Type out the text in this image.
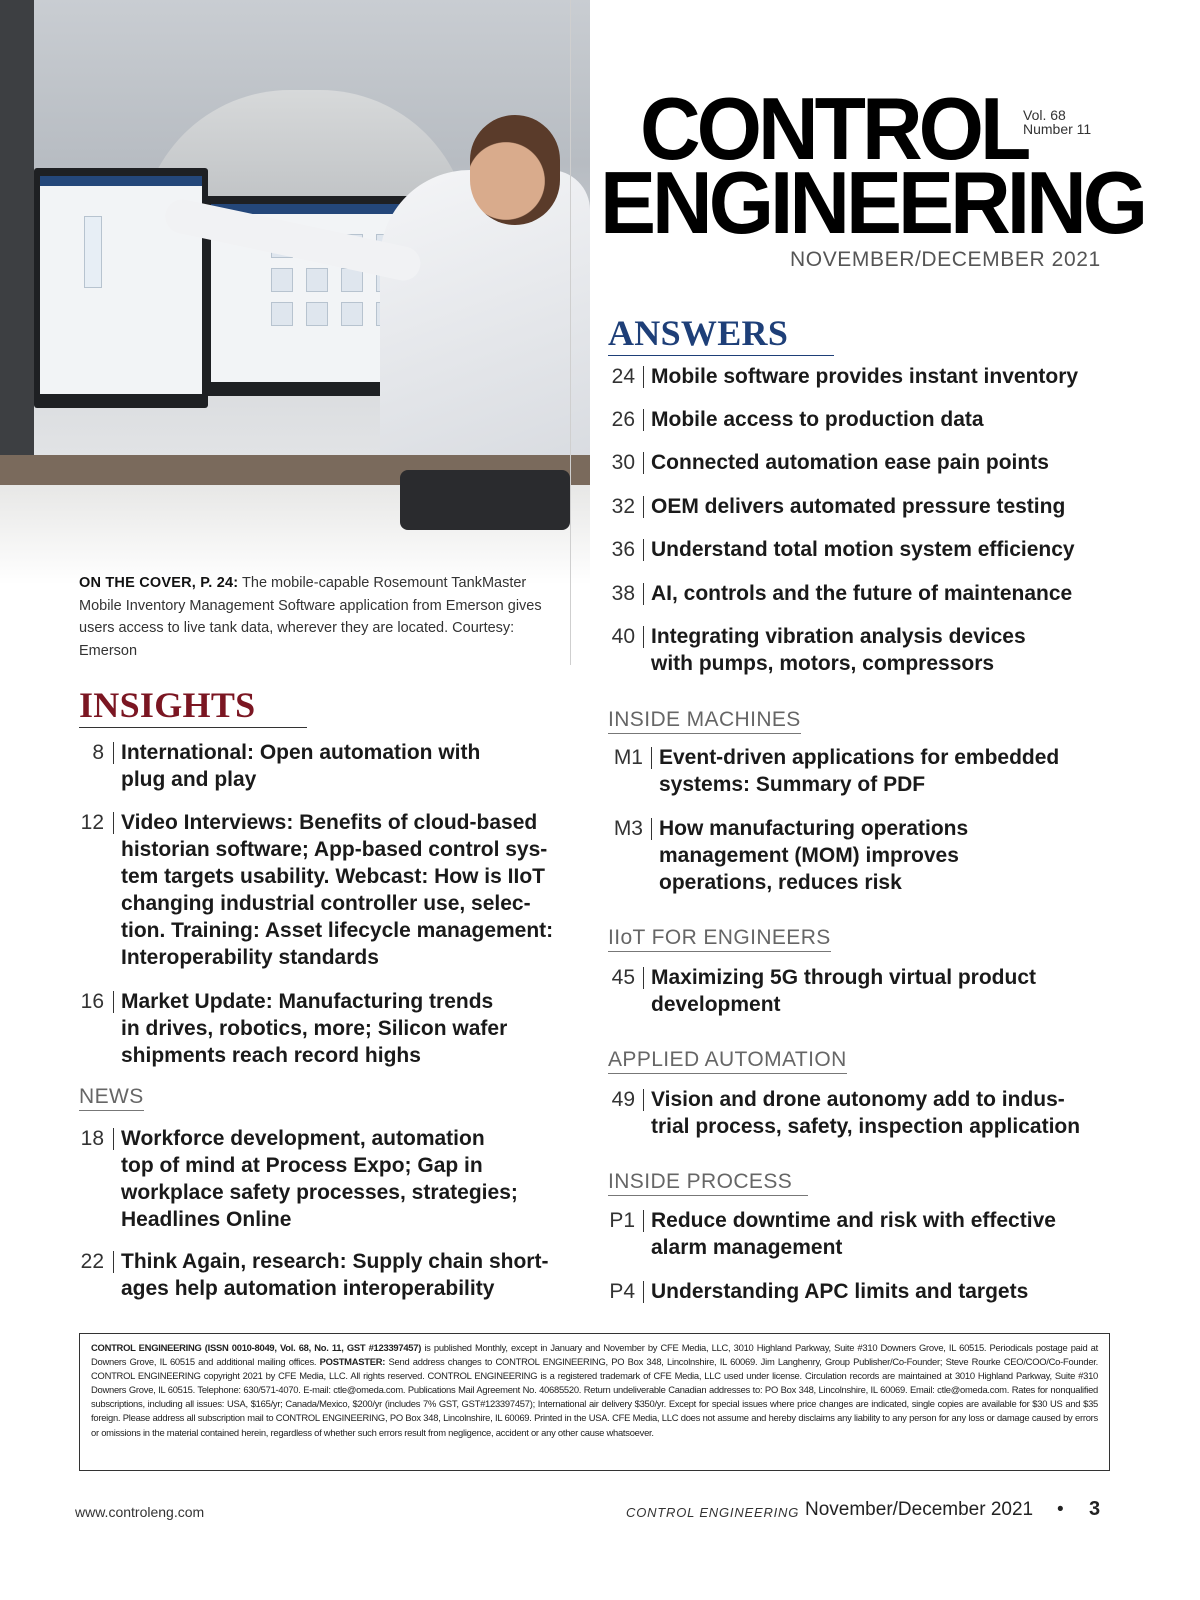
ON THE COVER, P. 24: The mobile-capable Rosemount TankMaster Mobile Inventory Management Software application from Emerson gives users access to live tank data, wherever they are located. Courtesy: Emerson
CONTROL
ENGINEERING
Vol. 68
Number 11
NOVEMBER/DECEMBER 2021
ANSWERS
24 Mobile software provides instant inventory
26 Mobile access to production data
30 Connected automation ease pain points
32 OEM delivers automated pressure testing
36 Understand total motion system efficiency
38 AI, controls and the future of maintenance
40 Integrating vibration analysis devices
with pumps, motors, compressors
INSIDE MACHINES
M1 Event-driven applications for embedded
systems: Summary of PDF
M3 How manufacturing operations
management (MOM) improves
operations, reduces risk
IIoT FOR ENGINEERS
45 Maximizing 5G through virtual product
development
APPLIED AUTOMATION
49 Vision and drone autonomy add to indus-
trial process, safety, inspection application
INSIDE PROCESS
P1 Reduce downtime and risk with effective
alarm management
P4 Understanding APC limits and targets
INSIGHTS
8 International: Open automation with
plug and play
12 Video Interviews: Benefits of cloud-based
historian software; App-based control sys-
tem targets usability. Webcast: How is IIoT
changing industrial controller use, selec-
tion. Training: Asset lifecycle management:
Interoperability standards
16 Market Update: Manufacturing trends
in drives, robotics, more; Silicon wafer
shipments reach record highs
NEWS
18 Workforce development, automation
top of mind at Process Expo; Gap in
workplace safety processes, strategies;
Headlines Online
22 Think Again, research: Supply chain short-
ages help automation interoperability
CONTROL ENGINEERING (ISSN 0010-8049, Vol. 68, No. 11, GST #123397457) is published Monthly, except in January and November by CFE Media, LLC, 3010 Highland Parkway, Suite #310 Downers Grove, IL 60515. Periodicals postage paid at Downers Grove, IL 60515 and additional mailing offices. POSTMASTER: Send address changes to CONTROL ENGINEERING, PO Box 348, Lincolnshire, IL 60069. Jim Langhenry, Group Publisher/Co-Founder; Steve Rourke CEO/COO/Co-Founder. CONTROL ENGINEERING copyright 2021 by CFE Media, LLC. All rights reserved. CONTROL ENGINEERING is a registered trademark of CFE Media, LLC used under license. Circulation records are maintained at 3010 Highland Parkway, Suite #310 Downers Grove, IL 60515. Telephone: 630/571-4070. E-mail: ctle@omeda.com. Publications Mail Agreement No. 40685520. Return undeliverable Canadian addresses to: PO Box 348, Lincolnshire, IL 60069. Email: ctle@omeda.com. Rates for nonqualified subscriptions, including all issues: USA, $165/yr; Canada/Mexico, $200/yr (includes 7% GST, GST#123397457); International air delivery $350/yr. Except for special issues where price changes are indicated, single copies are available for $30 US and $35 foreign. Please address all subscription mail to CONTROL ENGINEERING, PO Box 348, Lincolnshire, IL 60069. Printed in the USA. CFE Media, LLC does not assume and hereby disclaims any liability to any person for any loss or damage caused by errors or omissions in the material contained herein, regardless of whether such errors result from negligence, accident or any other cause whatsoever.
www.controleng.com	CONTROL ENGINEERING November/December 2021 • 3
